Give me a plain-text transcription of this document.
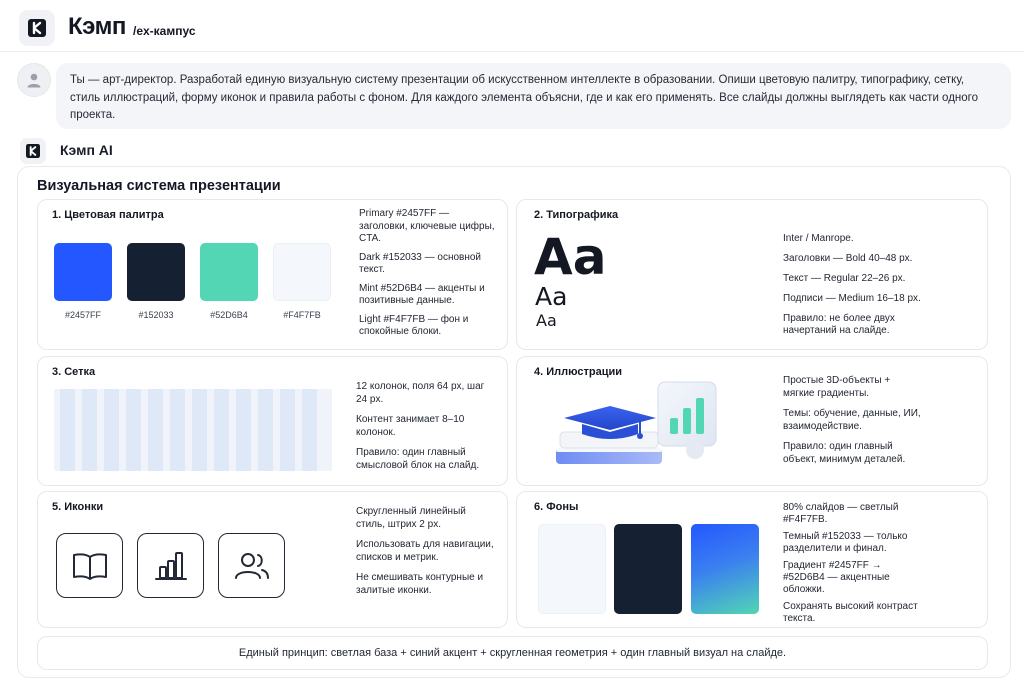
Кэмп /ex-кампус
Ты — арт-директор. Разработай единую визуальную систему презентации об искусственном интеллекте в образовании. Опиши цветовую палитру, типографику, сетку, стиль иллюстраций, форму иконок и правила работы с фоном. Для каждого элемента объясни, где и как его применять. Все слайды должны выглядеть как части одного проекта.
Кэмп AI
Визуальная система презентации
1. Цветовая палитра
#2457FF	#152033	#52D6B4	#F4F7FB

Primary #2457FF — заголовки, ключевые цифры, CTA.

Dark #152033 — основной текст.

Mint #52D6B4 — акценты и позитивные данные.

Light #F4F7FB — фон и спокойные блоки.

2. Типографика
Aa
Aa
Aa

Inter / Manrope.

Заголовки — Bold 40–48 px.

Текст — Regular 22–26 px.

Подписи — Medium 16–18 px.

Правило: не более двух начертаний на слайде.

3. Сетка

12 колонок, поля 64 px, шаг 24 px.

Контент занимает 8–10 колонок.

Правило: один главный смысловой блок на слайд.

4. Иллюстрации

Простые 3D-объекты + мягкие градиенты.

Темы: обучение, данные, ИИ, взаимодействие.

Правило: один главный объект, минимум деталей.

5. Иконки	Скругленный линейный стиль, штрих 2 px.

Использовать для навигации, списков и метрик.

Не смешивать контурные и залитые иконки.

6. Фоны	80% слайдов — светлый #F4F7FB.

Темный #152033 — только разделители и финал.

Градиент #2457FF → #52D6B4 — акцентные обложки.

Сохранять высокий контраст текста.

Единый принцип: светлая база + синий акцент + скругленная геометрия + один главный визуал на слайде.
